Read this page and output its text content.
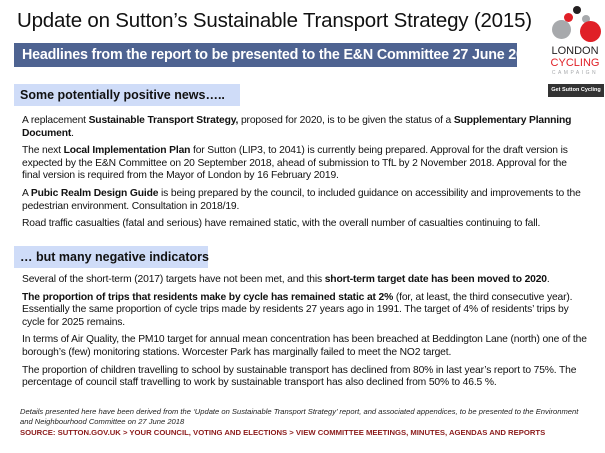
Update on Sutton’s Sustainable Transport Strategy (2015)
Headlines from the report to be presented to the E&N Committee 27 June 2018	LONDON
CYCLING
CAMPAIGN
Get Sutton Cycling
Some potentially positive news…..

A replacement Sustainable Transport Strategy, proposed for 2020, is to be given the status of a Supplementary Planning Document.

The next Local Implementation Plan for Sutton (LIP3, to 2041) is currently being prepared. Approval for the draft version is expected by the E&N Committee on 20 September 2018, ahead of submission to TfL by 2 November 2018. Approval for the final version is required from the Mayor of London by 16 February 2019.

A Pubic Realm Design Guide is being prepared by the council, to included guidance on accessibility and improvements to the pedestrian environment. Consultation in 2018/19.

Road traffic casualties (fatal and serious) have remained static, with the overall number of casualties continuing to fall.

… but many negative indicators

Several of the short-term (2017) targets have not been met, and this short-term target date has been moved to 2020.

The proportion of trips that residents make by cycle has remained static at 2% (for, at least, the third consecutive year). Essentially the same proportion of cycle trips made by residents 27 years ago in 1991. The target of 4% of residents’ trips by cycle for 2025 remains.

In terms of Air Quality, the PM10 target for annual mean concentration has been breached at Beddington Lane (north) one of the borough’s (few) monitoring stations. Worcester Park has marginally failed to meet the NO2 target.

The proportion of children travelling to school by sustainable transport has declined from 80% in last year’s report to 75%. The percentage of council staff travelling to work by sustainable transport has also declined from 50% to 46.5 %.

Details presented here have been derived from the ‘Update on Sustainable Transport Strategy’ report, and associated appendices, to be presented to the Environment and Neighbourhood Committee on 27 June 2018
SOURCE: SUTTON.GOV.UK > YOUR COUNCIL, VOTING AND ELECTIONS > VIEW COMMITTEE MEETINGS, MINUTES, AGENDAS AND REPORTS
